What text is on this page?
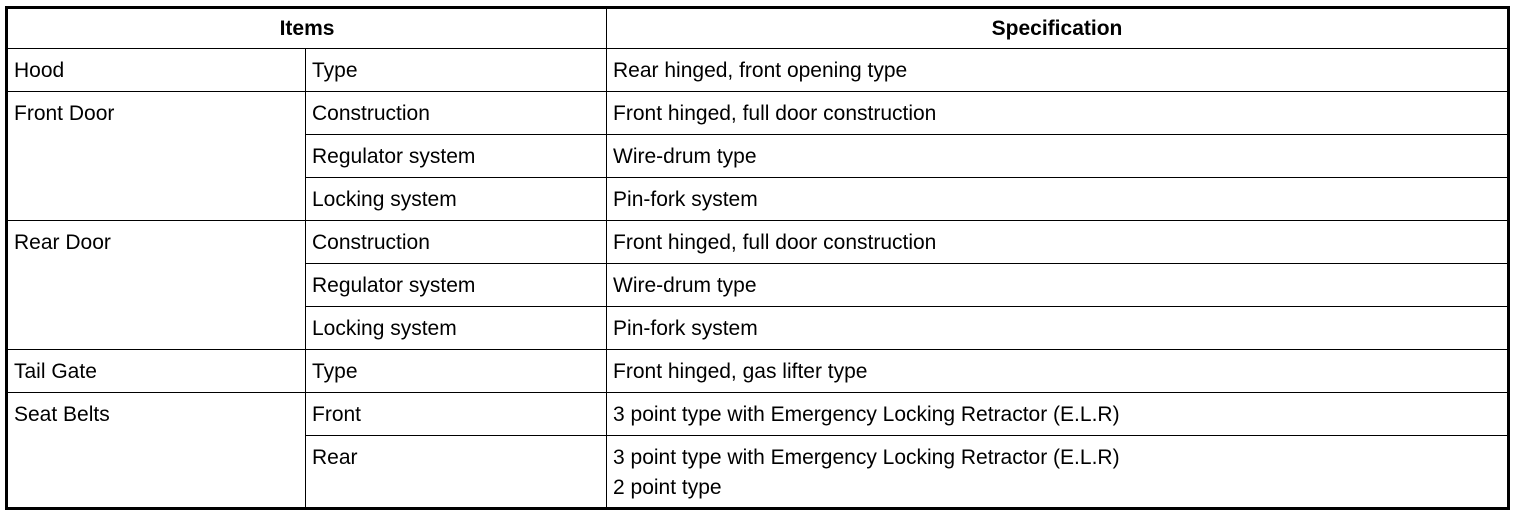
Items		Specification
Hood	Type	Rear hinged, front opening type

Front Door	Construction	Front hinged, full door construction

	Regulator system	Wire-drum type

	Locking system	Pin-fork system

Rear Door	Construction	Front hinged, full door construction

	Regulator system	Wire-drum type

	Locking system	Pin-fork system

Tail Gate	Type	Front hinged, gas lifter type

Seat Belts	Front	3 point type with Emergency Locking Retractor (E.L.R)

	Rear	3 point type with Emergency Locking Retractor (E.L.R)
2 point type
